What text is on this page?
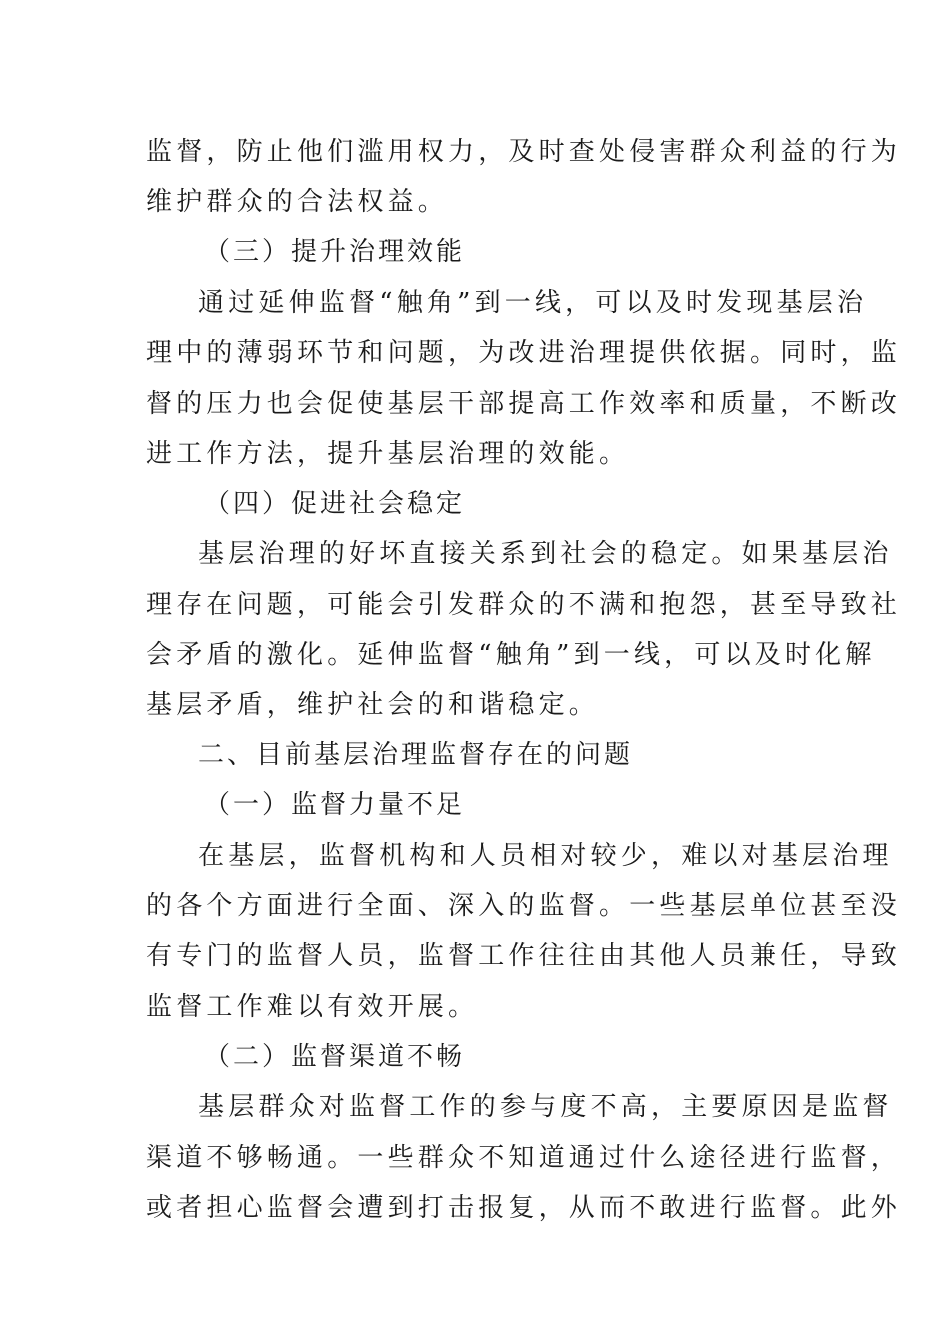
监督，防止他们滥用权力，及时查处侵害群众利益的行为
维护群众的合法权益。
（三）提升治理效能
通过延伸监督“触角”到一线，可以及时发现基层治
理中的薄弱环节和问题，为改进治理提供依据。同时，监
督的压力也会促使基层干部提高工作效率和质量，不断改
进工作方法，提升基层治理的效能。
（四）促进社会稳定
基层治理的好坏直接关系到社会的稳定。如果基层治
理存在问题，可能会引发群众的不满和抱怨，甚至导致社
会矛盾的激化。延伸监督“触角”到一线，可以及时化解
基层矛盾，维护社会的和谐稳定。
二、目前基层治理监督存在的问题
（一）监督力量不足
在基层，监督机构和人员相对较少，难以对基层治理
的各个方面进行全面、深入的监督。一些基层单位甚至没
有专门的监督人员，监督工作往往由其他人员兼任，导致
监督工作难以有效开展。
（二）监督渠道不畅
基层群众对监督工作的参与度不高，主要原因是监督
渠道不够畅通。一些群众不知道通过什么途径进行监督，
或者担心监督会遭到打击报复，从而不敢进行监督。此外
